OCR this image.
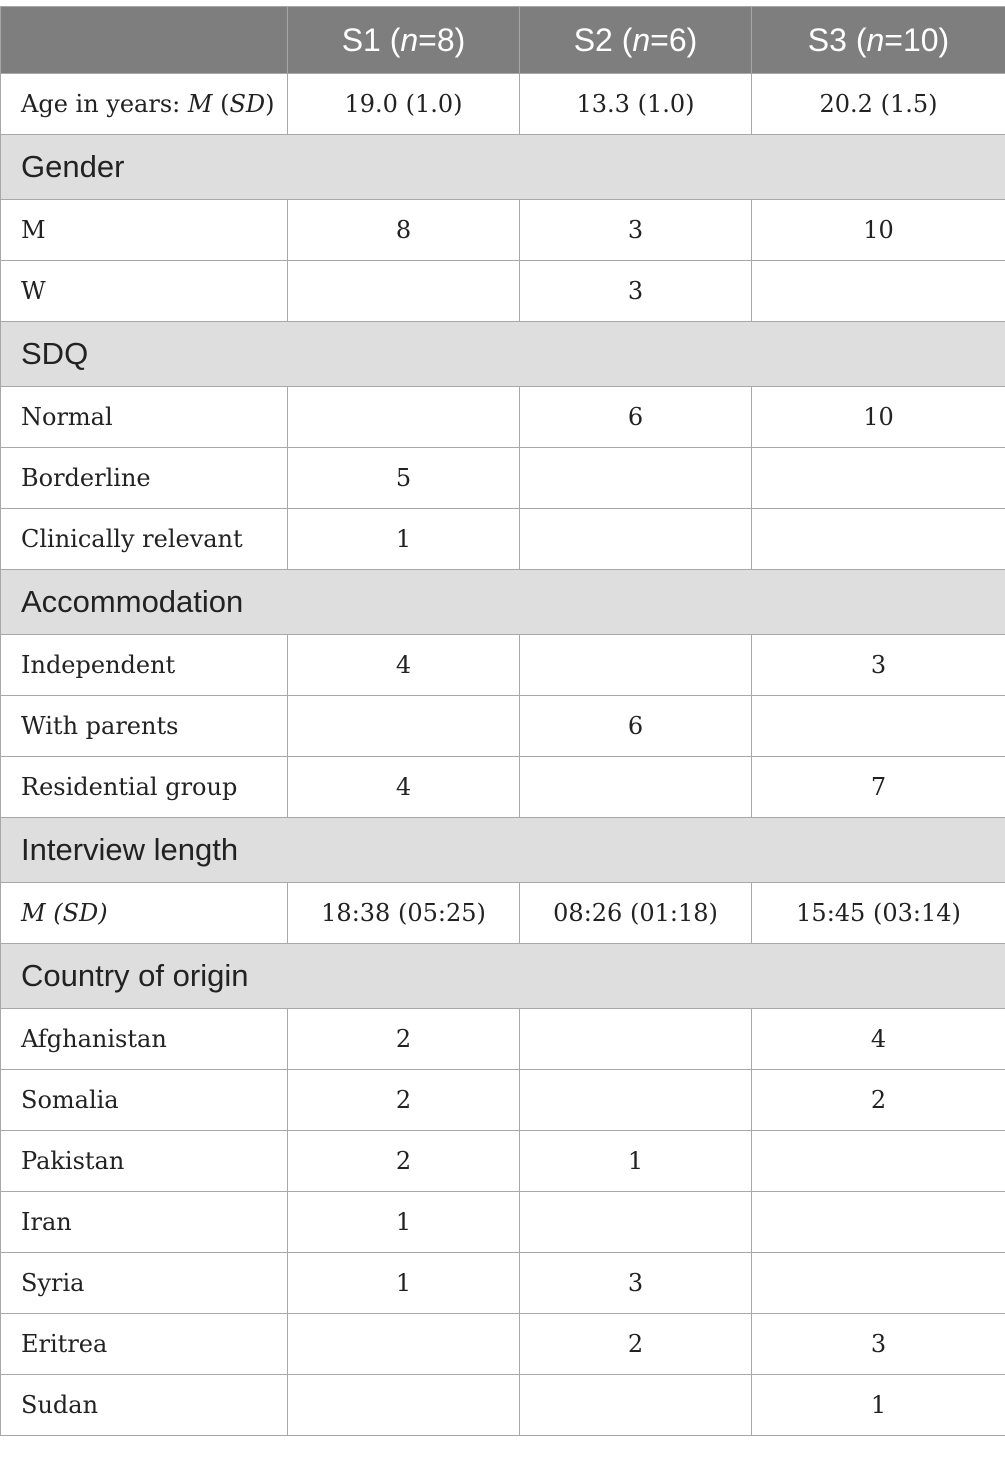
	S1 (n=8)	S2 (n=6)	S3 (n=10)
Age in years: M (SD)	19.0 (1.0)	13.3 (1.0)	20.2 (1.5)
Gender			
M	8	3	10
W		3	
SDQ			
Normal		6	10
Borderline	5		
Clinically relevant	1		
Accommodation			
Independent	4		3
With parents		6	
Residential group	4		7
Interview length			
M (SD)	18:38 (05:25)	08:26 (01:18)	15:45 (03:14)
Country of origin			
Afghanistan	2		4
Somalia	2		2
Pakistan	2	1	
Iran	1		
Syria	1	3	
Eritrea		2	3
Sudan			1
